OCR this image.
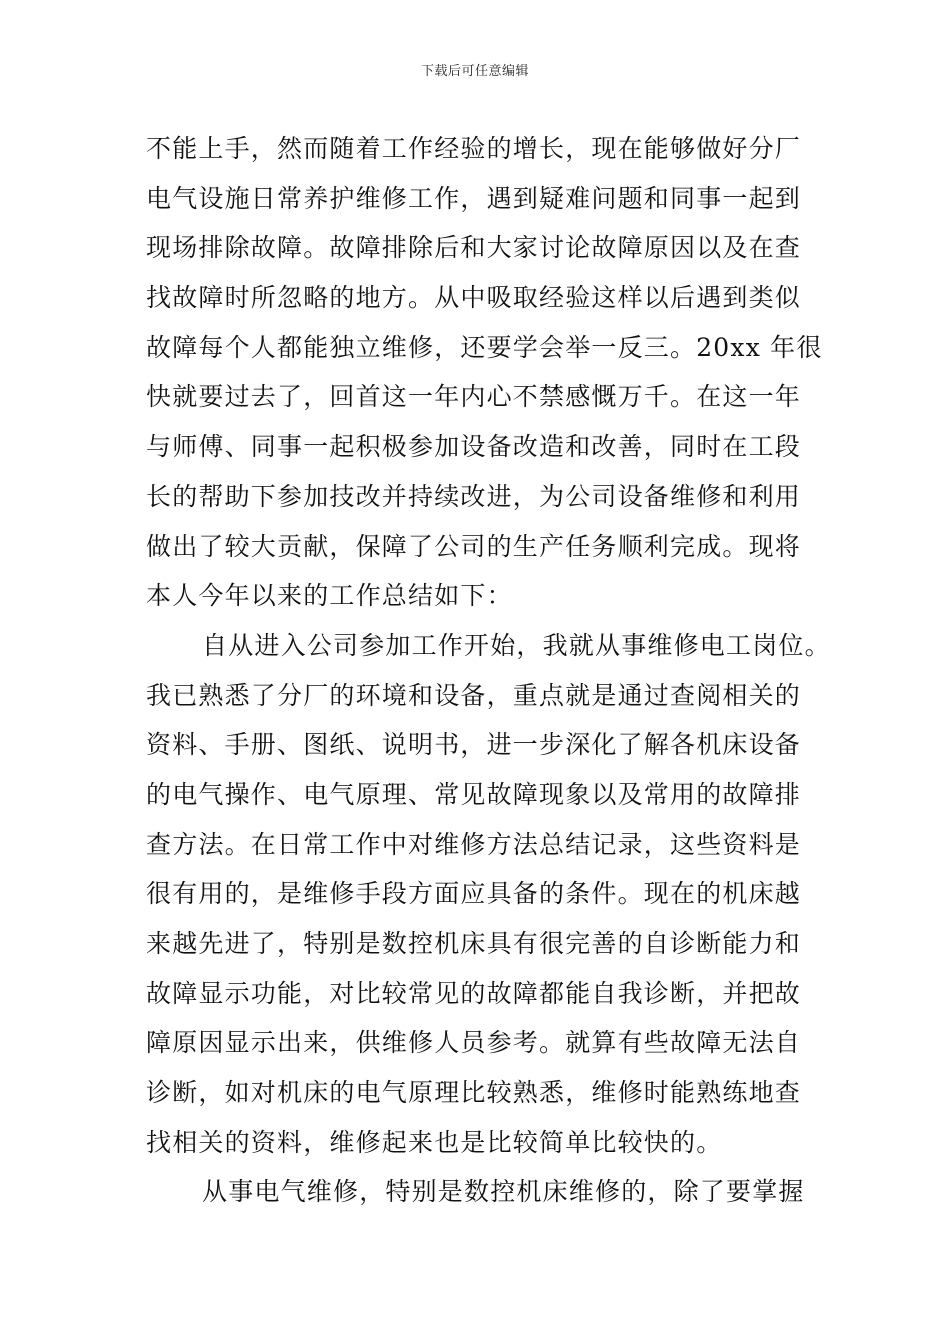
下载后可任意编辑
不能上手，然而随着工作经验的增长，现在能够做好分厂
电气设施日常养护维修工作，遇到疑难问题和同事一起到
现场排除故障。故障排除后和大家讨论故障原因以及在查
找故障时所忽略的地方。从中吸取经验这样以后遇到类似
故障每个人都能独立维修，还要学会举一反三。20xx 年很
快就要过去了，回首这一年内心不禁感慨万千。在这一年
与师傅、同事一起积极参加设备改造和改善，同时在工段
长的帮助下参加技改并持续改进，为公司设备维修和利用
做出了较大贡献，保障了公司的生产任务顺利完成。现将
本人今年以来的工作总结如下：
自从进入公司参加工作开始，我就从事维修电工岗位。
我已熟悉了分厂的环境和设备，重点就是通过查阅相关的
资料、手册、图纸、说明书，进一步深化了解各机床设备
的电气操作、电气原理、常见故障现象以及常用的故障排
查方法。在日常工作中对维修方法总结记录，这些资料是
很有用的，是维修手段方面应具备的条件。现在的机床越
来越先进了，特别是数控机床具有很完善的自诊断能力和
故障显示功能，对比较常见的故障都能自我诊断，并把故
障原因显示出来，供维修人员参考。就算有些故障无法自
诊断，如对机床的电气原理比较熟悉，维修时能熟练地查
找相关的资料，维修起来也是比较简单比较快的。
从事电气维修，特别是数控机床维修的，除了要掌握
